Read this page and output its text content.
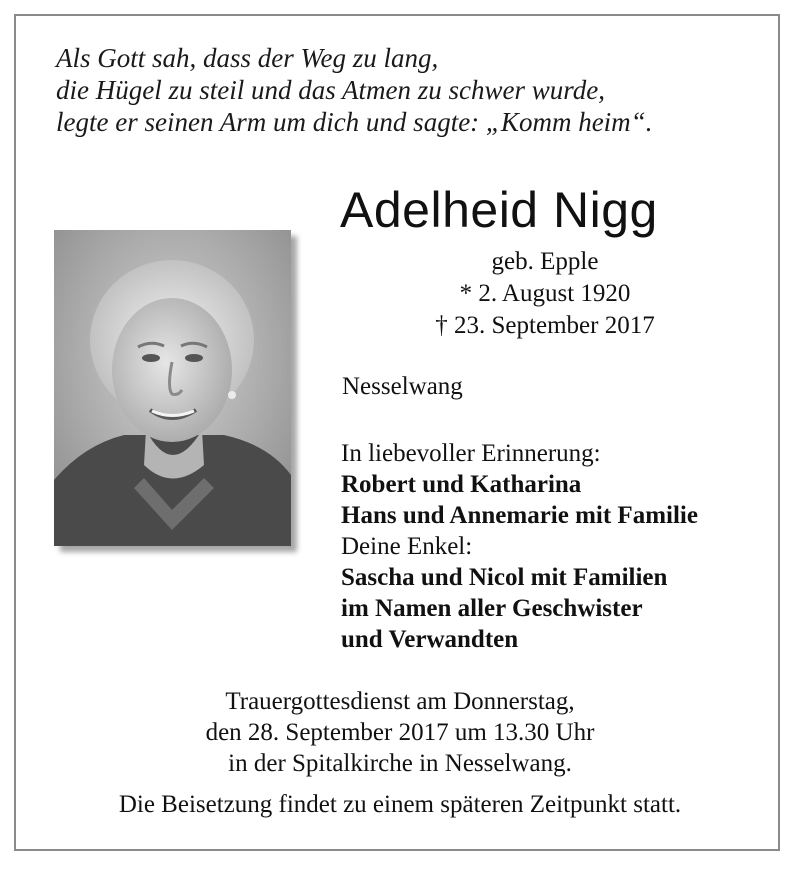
Als Gott sah, dass der Weg zu lang,
die Hügel zu steil und das Atmen zu schwer wurde,
legte er seinen Arm um dich und sagte: „Komm heim“.
Adelheid Nigg
geb. Epple
* 2. August 1920
† 23. September 2017
Nesselwang
In liebevoller Erinnerung:
Robert und Katharina
Hans und Annemarie mit Familie
Deine Enkel:
Sascha und Nicol mit Familien
im Namen aller Geschwister
und Verwandten
Trauergottesdienst am Donnerstag,
den 28. September 2017 um 13.30 Uhr
in der Spitalkirche in Nesselwang.
Die Beisetzung findet zu einem späteren Zeitpunkt statt.
